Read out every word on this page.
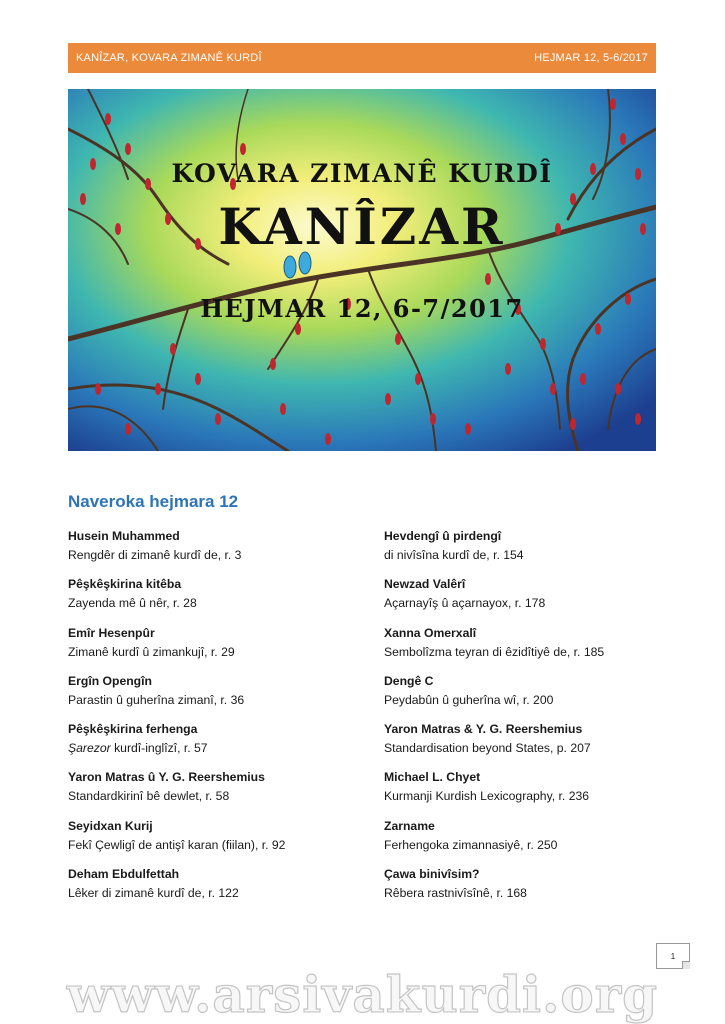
KANÎZAR, KOVARA ZIMANÊ KURDÎ	HEJMAR 12, 5-6/2017
KOVARA ZIMANÊ KURDÎ
KANÎZAR
HEJMAR 12, 6-7/2017
Naveroka hejmara 12
Husein Muhammed
Rengdêr di zimanê kurdî de, r. 3
Pêşkêşkirina kitêba
Zayenda mê û nêr, r. 28
Emîr Hesenpûr
Zimanê kurdî û zimankujî, r. 29
Ergîn Opengîn
Parastin û guherîna zimanî, r. 36
Pêşkêşkirina ferhenga
Şarezor kurdî-inglîzî, r. 57
Yaron Matras û Y. G. Reershemius
Standardkirinî bê dewlet, r. 58
Seyidxan Kurij
Fekî Çewligî de antişî karan (fiilan), r. 92
Deham Ebdulfettah
Lêker di zimanê kurdî de, r. 122
Hevdengî û pirdengî
di nivîsîna kurdî de, r. 154
Newzad Valêrî
Açarnayîş û açarnayox, r. 178
Xanna Omerxalî
Sembolîzma teyran di êzidîtiyê de, r. 185
Dengê C
Peydabûn û guherîna wî, r. 200
Yaron Matras & Y. G. Reershemius
Standardisation beyond States, p. 207
Michael L. Chyet
Kurmanji Kurdish Lexicography, r. 236
Zarname
Ferhengoka zimannasiyê, r. 250
Çawa binivîsim?
Rêbera rastnivîsînê, r. 168
1
www.arsivakurdi.org
